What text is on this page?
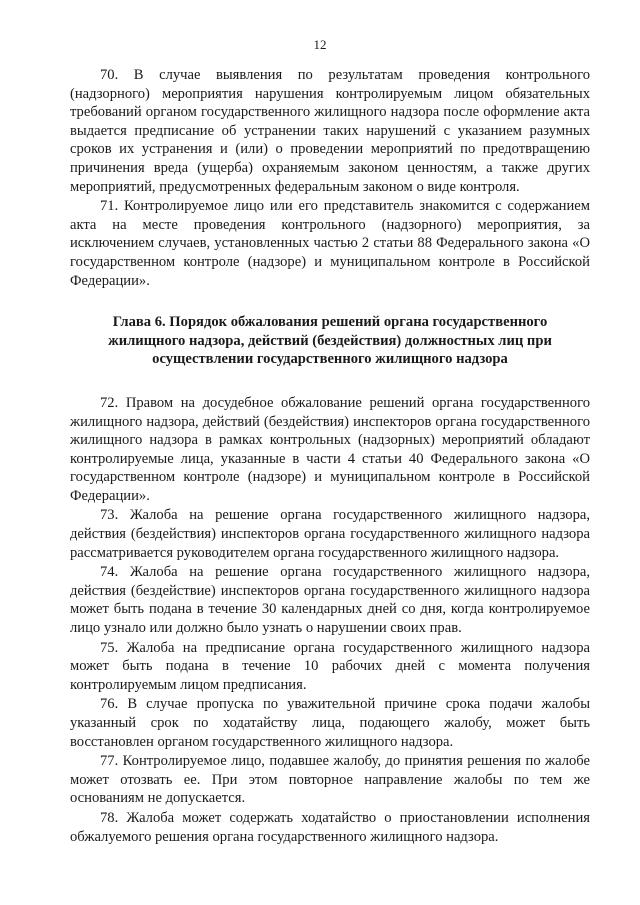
12

70. В случае выявления по результатам проведения контрольного (надзорного) мероприятия нарушения контролируемым лицом обязательных требований органом государственного жилищного надзора после оформление акта выдается предписание об устранении таких нарушений с указанием разумных сроков их устранения и (или) о проведении мероприятий по предотвращению причинения вреда (ущерба) охраняемым законом ценностям, а также других мероприятий, предусмотренных федеральным законом о виде контроля.

71. Контролируемое лицо или его представитель знакомится с содержанием акта на месте проведения контрольного (надзорного) мероприятия, за исключением случаев, установленных частью 2 статьи 88 Федерального закона «О государственном контроле (надзоре) и муниципальном контроле в Российской Федерации».

Глава 6. Порядок обжалования решений органа государственного жилищного надзора, действий (бездействия) должностных лиц при осуществлении государственного жилищного надзора

72. Правом на досудебное обжалование решений органа государственного жилищного надзора, действий (бездействия) инспекторов органа государственного жилищного надзора в рамках контрольных (надзорных) мероприятий обладают контролируемые лица, указанные в части 4 статьи 40 Федерального закона «О государственном контроле (надзоре) и муниципальном контроле в Российской Федерации».

73. Жалоба на решение органа государственного жилищного надзора, действия (бездействия) инспекторов органа государственного жилищного надзора рассматривается руководителем органа государственного жилищного надзора.

74. Жалоба на решение органа государственного жилищного надзора, действия (бездействие) инспекторов органа государственного жилищного надзора может быть подана в течение 30 календарных дней со дня, когда контролируемое лицо узнало или должно было узнать о нарушении своих прав.

75. Жалоба на предписание органа государственного жилищного надзора может быть подана в течение 10 рабочих дней с момента получения контролируемым лицом предписания.

76. В случае пропуска по уважительной причине срока подачи жалобы указанный срок по ходатайству лица, подающего жалобу, может быть восстановлен органом государственного жилищного надзора.

77. Контролируемое лицо, подавшее жалобу, до принятия решения по жалобе может отозвать ее. При этом повторное направление жалобы по тем же основаниям не допускается.

78. Жалоба может содержать ходатайство о приостановлении исполнения обжалуемого решения органа государственного жилищного надзора.
